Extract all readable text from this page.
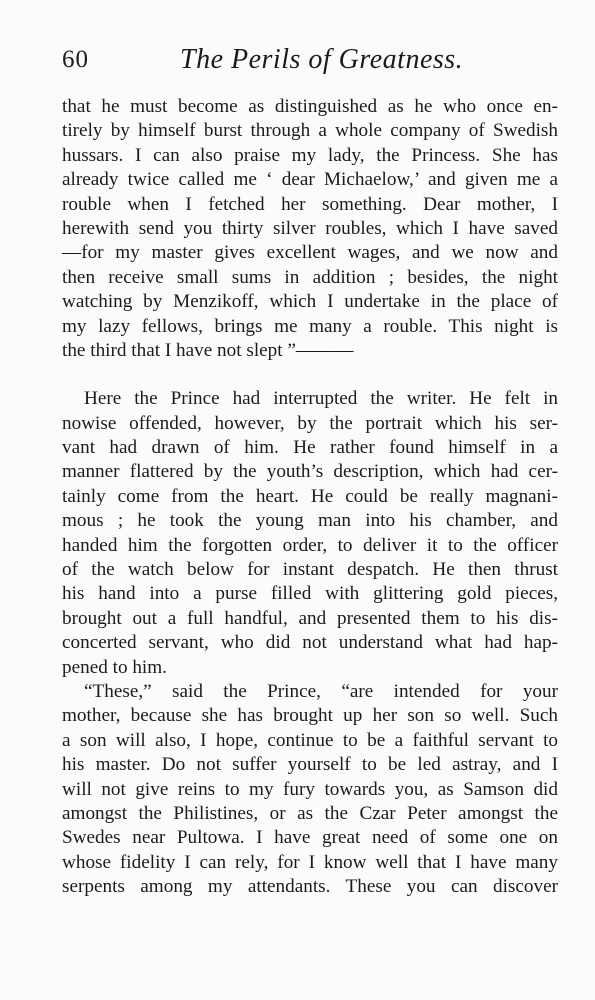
60	The Perils of Greatness.
that he must become as distinguished as he who once en-
tirely by himself burst through a whole company of Swedish
hussars. I can also praise my lady, the Princess. She has
already twice called me ‘ dear Michaelow,’ and given me a
rouble when I fetched her something. Dear mother, I
herewith send you thirty silver roubles, which I have saved
—for my master gives excellent wages, and we now and
then receive small sums in addition ; besides, the night
watching by Menzikoff, which I undertake in the place of
my lazy fellows, brings me many a rouble. This night is
the third that I have not slept ”———
Here the Prince had interrupted the writer. He felt in
nowise offended, however, by the portrait which his ser-
vant had drawn of him. He rather found himself in a
manner flattered by the youth’s description, which had cer-
tainly come from the heart. He could be really magnani-
mous ; he took the young man into his chamber, and
handed him the forgotten order, to deliver it to the officer
of the watch below for instant despatch. He then thrust
his hand into a purse filled with glittering gold pieces,
brought out a full handful, and presented them to his dis-
concerted servant, who did not understand what had hap-
pened to him.
“These,” said the Prince, “are intended for your
mother, because she has brought up her son so well. Such
a son will also, I hope, continue to be a faithful servant to
his master. Do not suffer yourself to be led astray, and I
will not give reins to my fury towards you, as Samson did
amongst the Philistines, or as the Czar Peter amongst the
Swedes near Pultowa. I have great need of some one on
whose fidelity I can rely, for I know well that I have many
serpents among my attendants. These you can discover
